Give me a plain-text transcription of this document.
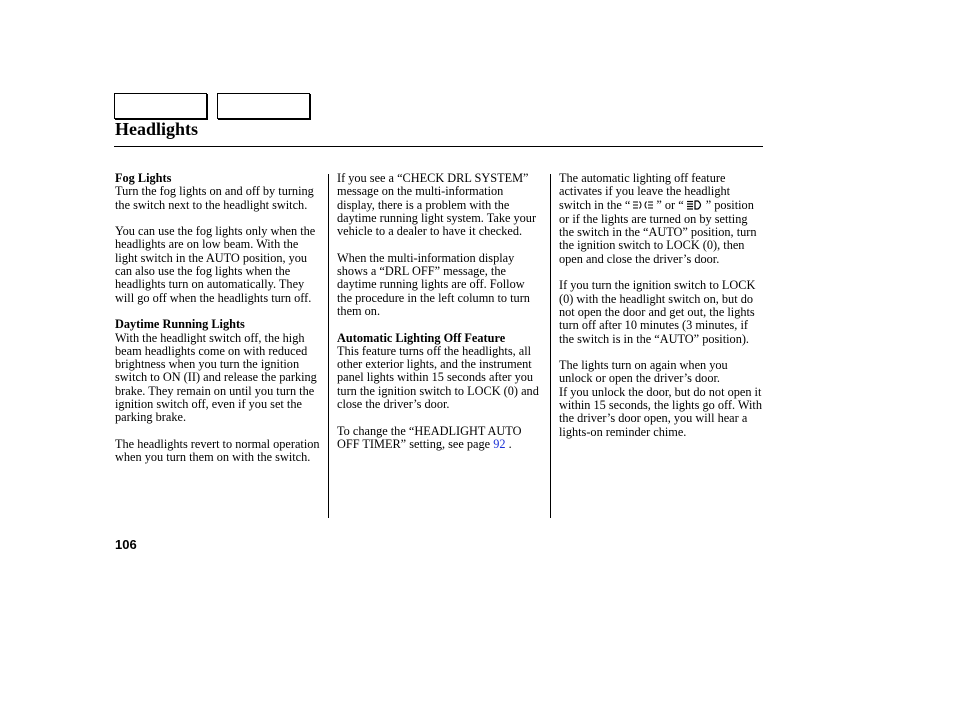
Headlights

Fog Lights

Turn the fog lights on and off by turning the switch next to the headlight switch.

You can use the fog lights only when the headlights are on low beam. With the light switch in the AUTO position, you can also use the fog lights when the headlights turn on automatically. They will go off when the headlights turn off.

Daytime Running Lights

With the headlight switch off, the high beam headlights come on with reduced brightness when you turn the ignition switch to ON (II) and release the parking brake. They remain on until you turn the ignition switch off, even if you set the parking brake.

The headlights revert to normal operation when you turn them on with the switch.

If you see a “CHECK DRL SYSTEM” message on the multi-information display, there is a problem with the daytime running light system. Take your vehicle to a dealer to have it checked.

When the multi-information display shows a “DRL OFF” message, the daytime running lights are off. Follow the procedure in the left column to turn them on.

Automatic Lighting Off Feature

This feature turns off the headlights, all other exterior lights, and the instrument panel lights within 15 seconds after you turn the ignition switch to LOCK (0) and close the driver’s door.

To change the “HEADLIGHT AUTO OFF TIMER” setting, see page 92 .

The automatic lighting off feature activates if you leave the headlight switch in the “ ” or “ ” position or if the lights are turned on by setting the switch in the “AUTO” position, turn the ignition switch to LOCK (0), then open and close the driver’s door.

If you turn the ignition switch to LOCK (0) with the headlight switch on, but do not open the door and get out, the lights turn off after 10 minutes (3 minutes, if the switch is in the “AUTO” position).

The lights turn on again when you unlock or open the driver’s door.

If you unlock the door, but do not open it within 15 seconds, the lights go off. With the driver’s door open, you will hear a lights-on reminder chime.

106
